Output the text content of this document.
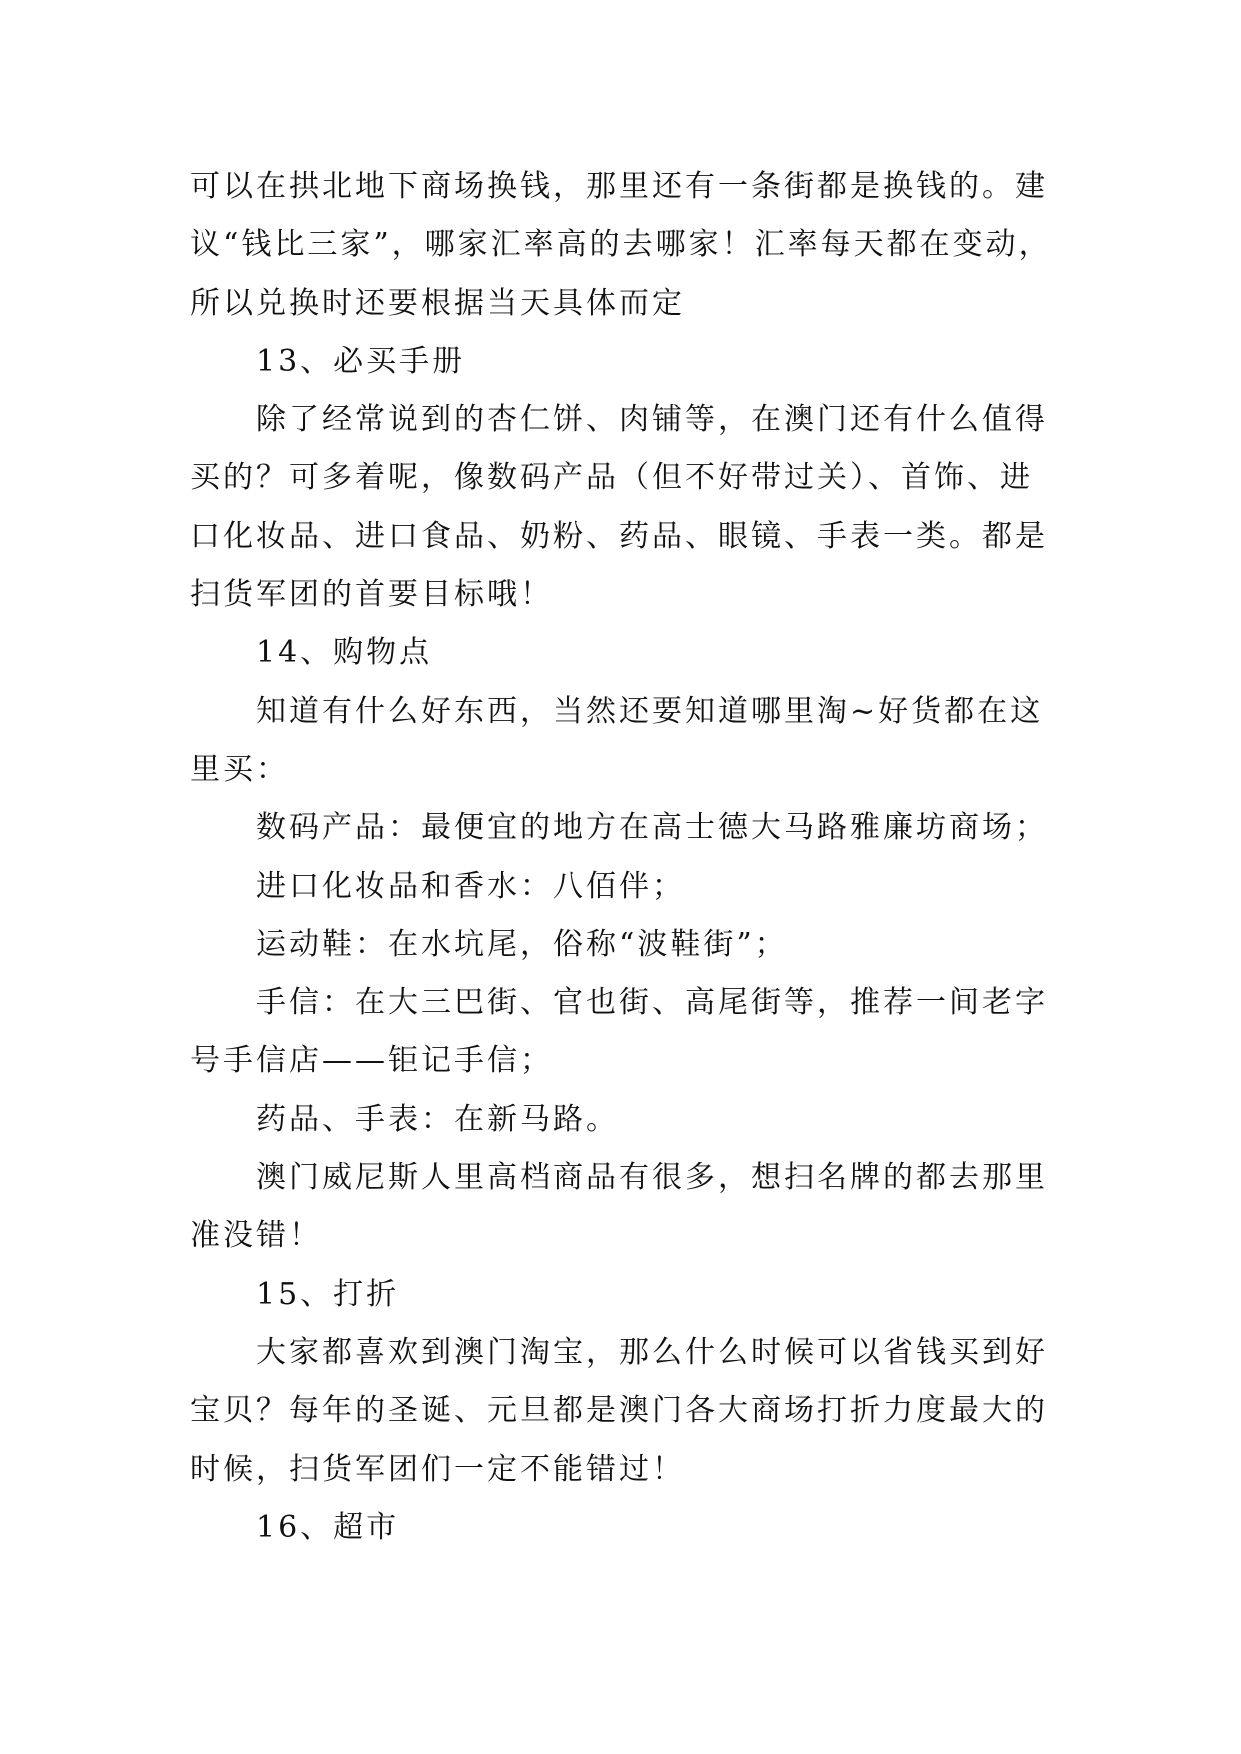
可以在拱北地下商场换钱，那里还有一条街都是换钱的。建

议“钱比三家”，哪家汇率高的去哪家！汇率每天都在变动，

所以兑换时还要根据当天具体而定

13、必买手册

除了经常说到的杏仁饼、肉铺等，在澳门还有什么值得

买的？可多着呢，像数码产品（但不好带过关）、首饰、进

口化妆品、进口食品、奶粉、药品、眼镜、手表一类。都是

扫货军团的首要目标哦！

14、购物点

知道有什么好东西，当然还要知道哪里淘~好货都在这

里买：

数码产品：最便宜的地方在高士德大马路雅廉坊商场；

进口化妆品和香水：八佰伴；

运动鞋：在水坑尾，俗称“波鞋街”；

手信：在大三巴街、官也街、高尾街等，推荐一间老字

号手信店——钜记手信；

药品、手表：在新马路。

澳门威尼斯人里高档商品有很多，想扫名牌的都去那里

准没错！

15、打折

大家都喜欢到澳门淘宝，那么什么时候可以省钱买到好

宝贝？每年的圣诞、元旦都是澳门各大商场打折力度最大的

时候，扫货军团们一定不能错过！

16、超市
